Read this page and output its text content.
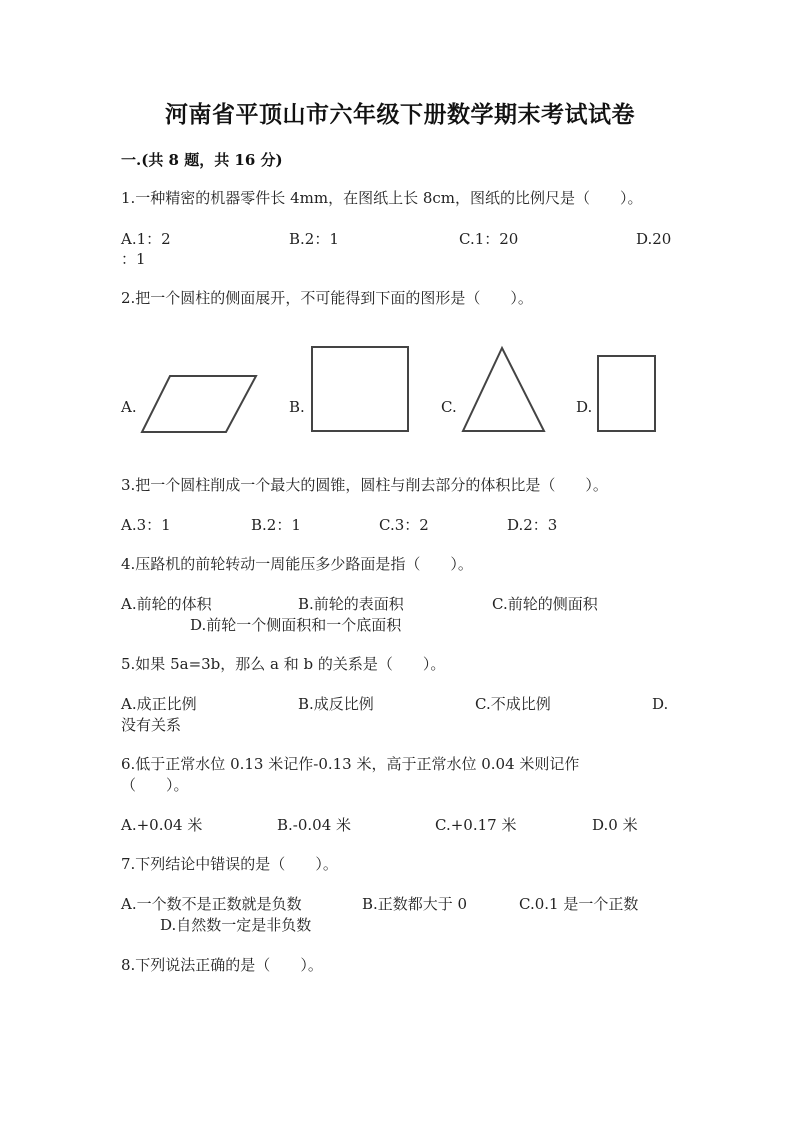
河南省平顶山市六年级下册数学期末考试试卷
一.(共 8 题，共 16 分)
1.一种精密的机器零件长 4mm，在图纸上长 8cm，图纸的比例尺是（　　）。
A.1：2	B.2：1	C.1：20	D.20
：1
2.把一个圆柱的侧面展开，不可能得到下面的图形是（　　）。
A.	B.	C.	D.
3.把一个圆柱削成一个最大的圆锥，圆柱与削去部分的体积比是（　　）。
A.3：1	B.2：1	C.3：2	D.2：3
4.压路机的前轮转动一周能压多少路面是指（　　）。
A.前轮的体积	B.前轮的表面积	C.前轮的侧面积
D.前轮一个侧面积和一个底面积
5.如果 5a=3b，那么 a 和 b 的关系是（　　）。
A.成正比例	B.成反比例	C.不成比例	D.
没有关系
6.低于正常水位 0.13 米记作-0.13 米，高于正常水位 0.04 米则记作
（　　）。
A.+0.04 米	B.-0.04 米	C.+0.17 米	D.0 米
7.下列结论中错误的是（　　）。
A.一个数不是正数就是负数	B.正数都大于 0	C.0.1 是一个正数
D.自然数一定是非负数
8.下列说法正确的是（　　）。
